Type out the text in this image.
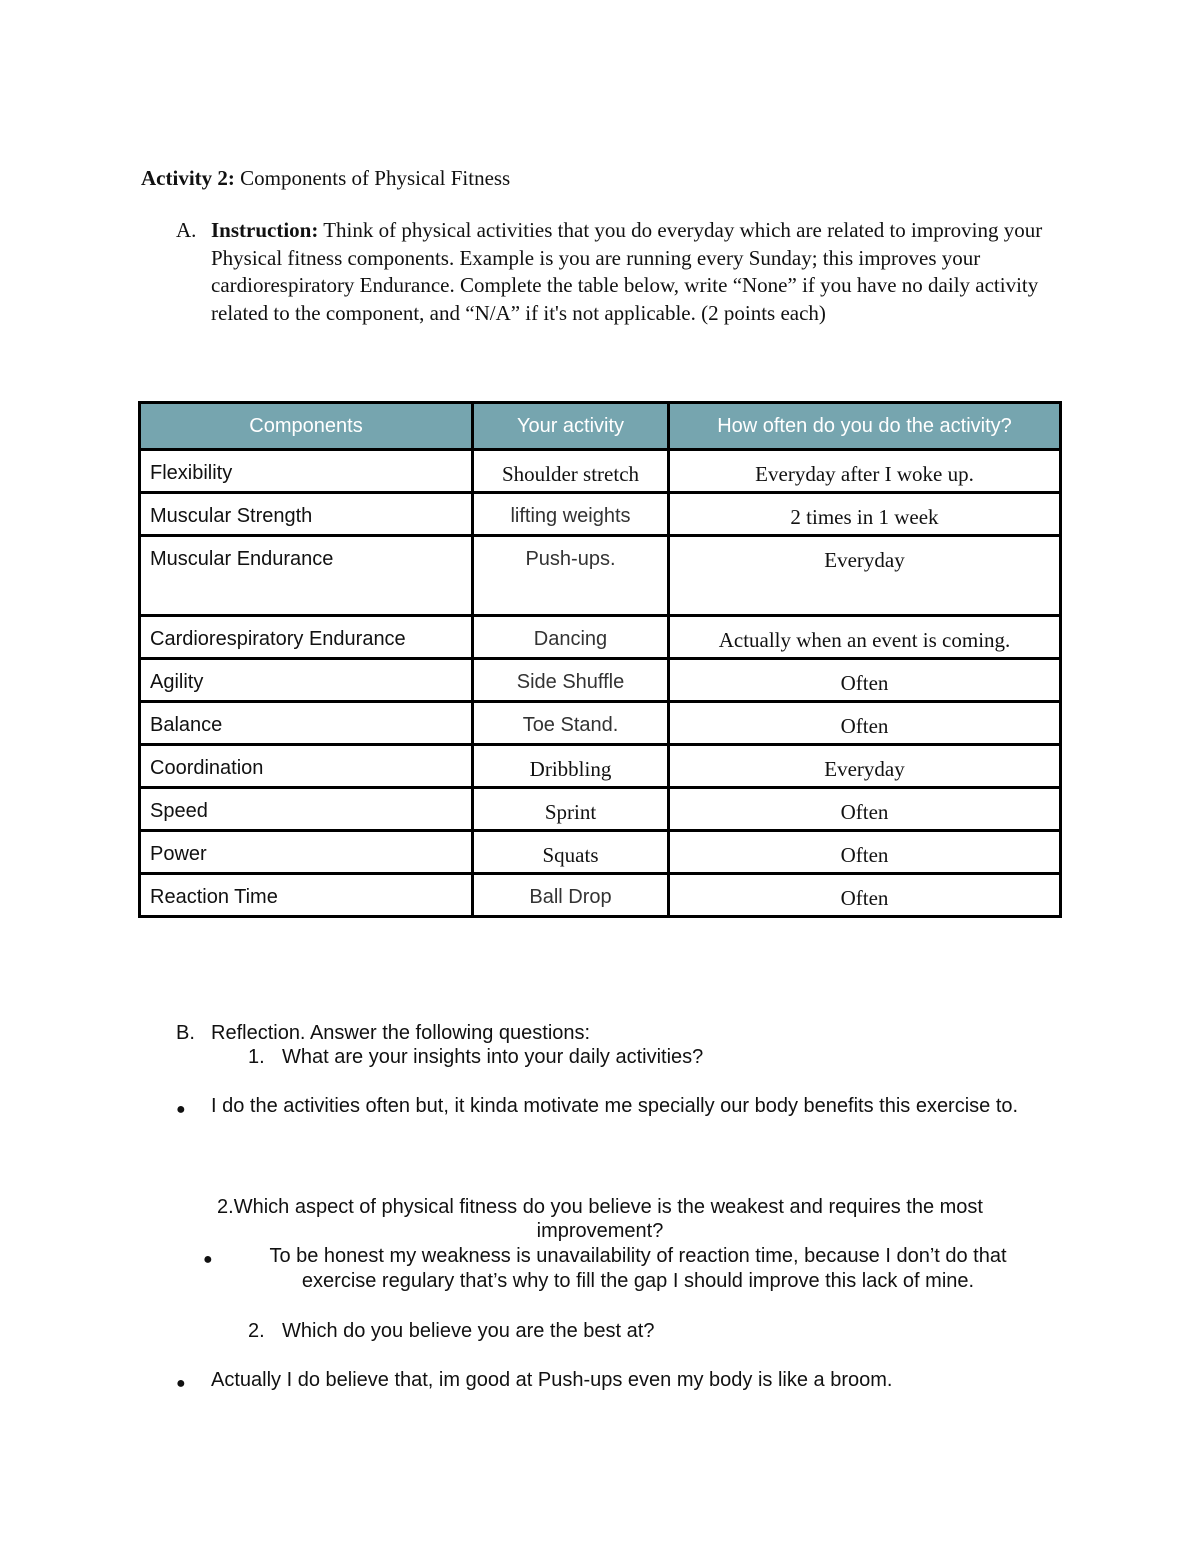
Activity 2: Components of Physical Fitness
A. Instruction: Think of physical activities that you do everyday which are related to improving your Physical fitness components. Example is you are running every Sunday; this improves your cardiorespiratory Endurance. Complete the table below, write “None” if you have no daily activity related to the component, and “N/A” if it's not applicable. (2 points each)
Components	Your activity	How often do you do the activity?
Flexibility	Shoulder stretch	Everyday after I woke up.
Muscular Strength	lifting weights	2 times in 1 week
Muscular Endurance	Push-ups.	Everyday
Cardiorespiratory Endurance	Dancing	Actually when an event is coming.
Agility	Side Shuffle	Often
Balance	Toe Stand.	Often
Coordination	Dribbling	Everyday
Speed	Sprint	Often
Power	Squats	Often
Reaction Time	Ball Drop	Often
B. Reflection. Answer the following questions:
1. What are your insights into your daily activities?
● I do the activities often but, it kinda motivate me specially our body benefits this exercise to.
2.Which aspect of physical fitness do you believe is the weakest and requires the most
improvement?
●	To be honest my weakness is unavailability of reaction time, because I don’t do that
exercise regulary that’s why to fill the gap I should improve this lack of mine.
2. Which do you believe you are the best at?
● Actually I do believe that, im good at Push-ups even my body is like a broom.
